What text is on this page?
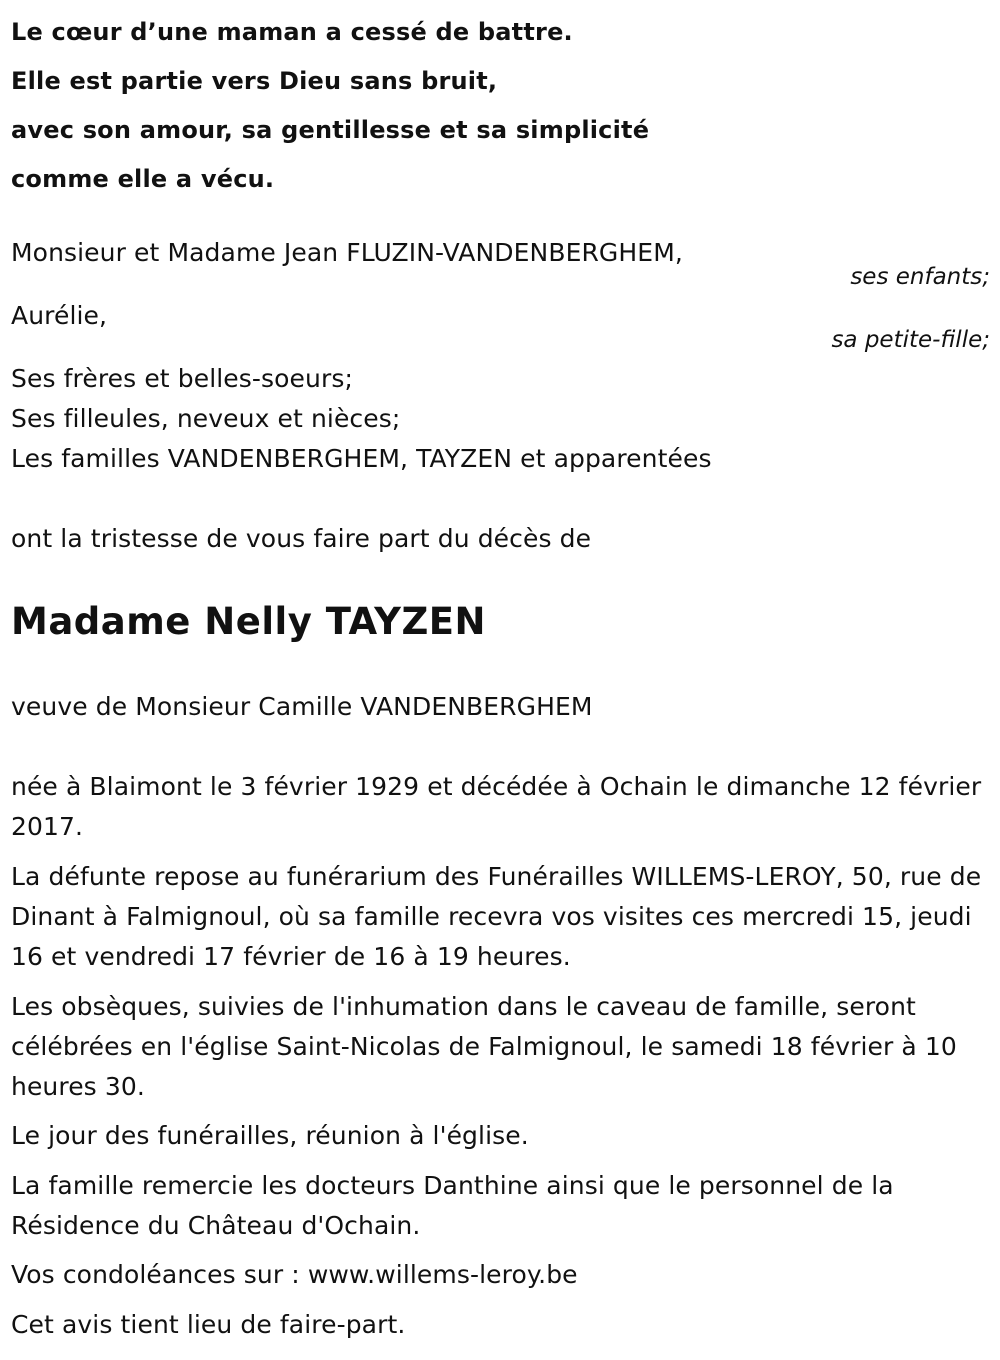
Le cœur d’une maman a cessé de battre.
Elle est partie vers Dieu sans bruit,
avec son amour, sa gentillesse et sa simplicité
comme elle a vécu.
Monsieur et Madame Jean FLUZIN-VANDENBERGHEM,
ses enfants;
Aurélie,
sa petite-fille;
Ses frères et belles-soeurs;
Ses filleules, neveux et nièces;
Les familles VANDENBERGHEM, TAYZEN et apparentées
ont la tristesse de vous faire part du décès de
Madame Nelly TAYZEN
veuve de Monsieur Camille VANDENBERGHEM
née à Blaimont le 3 février 1929 et décédée à Ochain le dimanche 12 février 2017.
La défunte repose au funérarium des Funérailles WILLEMS-LEROY, 50, rue de Dinant à Falmignoul, où sa famille recevra vos visites ces mercredi 15, jeudi 16 et vendredi 17 février de 16 à 19 heures.
Les obsèques, suivies de l'inhumation dans le caveau de famille, seront célébrées en l'église Saint-Nicolas de Falmignoul, le samedi 18 février à 10 heures 30.
Le jour des funérailles, réunion à l'église.
La famille remercie les docteurs Danthine ainsi que le personnel de la Résidence du Château d'Ochain.
Vos condoléances sur : www.willems-leroy.be
Cet avis tient lieu de faire-part.
